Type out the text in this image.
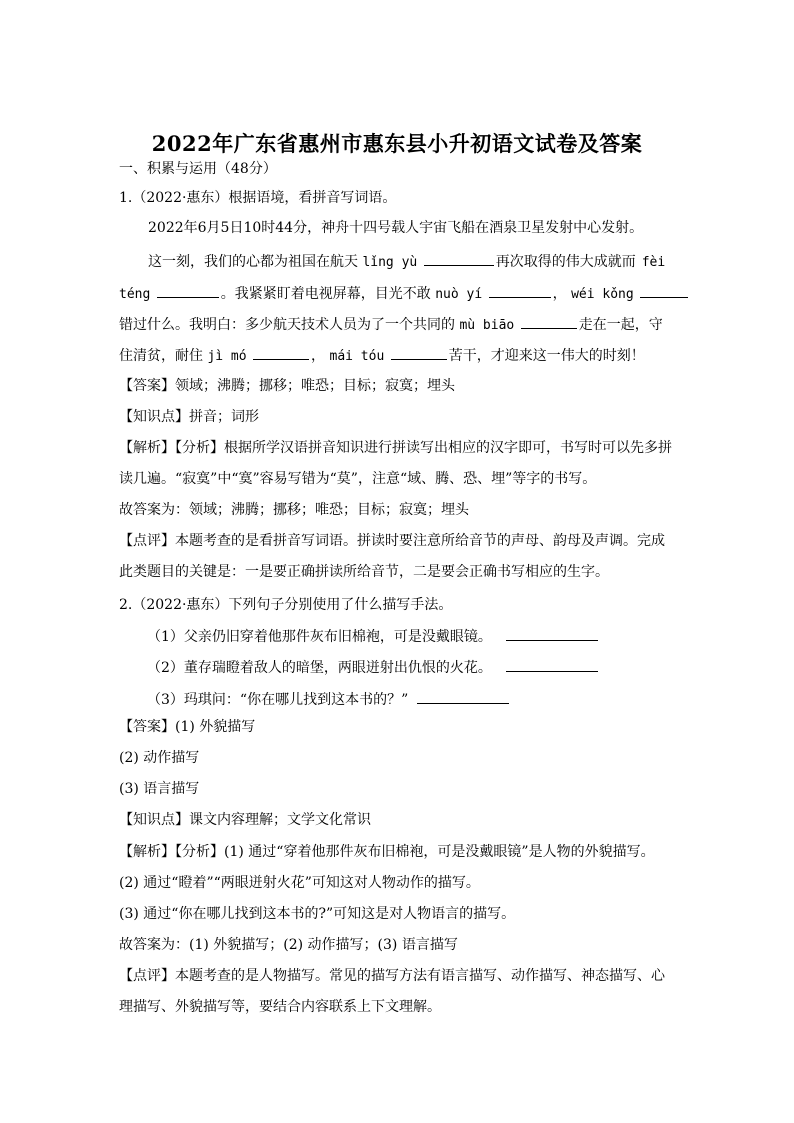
2022年广东省惠州市惠东县小升初语文试卷及答案
一、积累与运用（48分）
1.（2022·惠东）根据语境，看拼音写词语。
2022年6月5日10时44分，神舟十四号载人宇宙飞船在酒泉卫星发射中心发射。
这一刻，我们的心都为祖国在航天 lǐng yù	再次取得的伟大成就而 fèi
téng	。我紧紧盯着电视屏幕，目光不敢 nuò yí	， wéi kǒng
错过什么。我明白：多少航天技术人员为了一个共同的 mù biāo	走在一起，守
住清贫，耐住 jì mó	， mái tóu	苦干，才迎来这一伟大的时刻！
【答案】领域；沸腾；挪移；唯恐；目标；寂寞；埋头
【知识点】拼音；词形
【解析】【分析】根据所学汉语拼音知识进行拼读写出相应的汉字即可，书写时可以先多拼
读几遍。“寂寞”中“寞”容易写错为“莫”，注意“域、腾、恐、埋”等字的书写。
故答案为：领域；沸腾；挪移；唯恐；目标；寂寞；埋头
【点评】本题考查的是看拼音写词语。拼读时要注意所给音节的声母、韵母及声调。完成
此类题目的关键是：一是要正确拼读所给音节，二是要会正确书写相应的生字。
2.（2022·惠东）下列句子分别使用了什么描写手法。
（1）父亲仍旧穿着他那件灰布旧棉袍，可是没戴眼镜。
（2）董存瑞瞪着敌人的暗堡，两眼迸射出仇恨的火花。
（3）玛琪问：“你在哪儿找到这本书的？”
【答案】(1) 外貌描写
(2) 动作描写
(3) 语言描写
【知识点】课文内容理解；文学文化常识
【解析】【分析】(1) 通过“穿着他那件灰布旧棉袍，可是没戴眼镜”是人物的外貌描写。
(2) 通过“瞪着”“两眼迸射火花”可知这对人物动作的描写。
(3) 通过“你在哪儿找到这本书的?”可知这是对人物语言的描写。
故答案为：(1) 外貌描写；(2) 动作描写；(3) 语言描写
【点评】本题考查的是人物描写。常见的描写方法有语言描写、动作描写、神态描写、心
理描写、外貌描写等，要结合内容联系上下文理解。
